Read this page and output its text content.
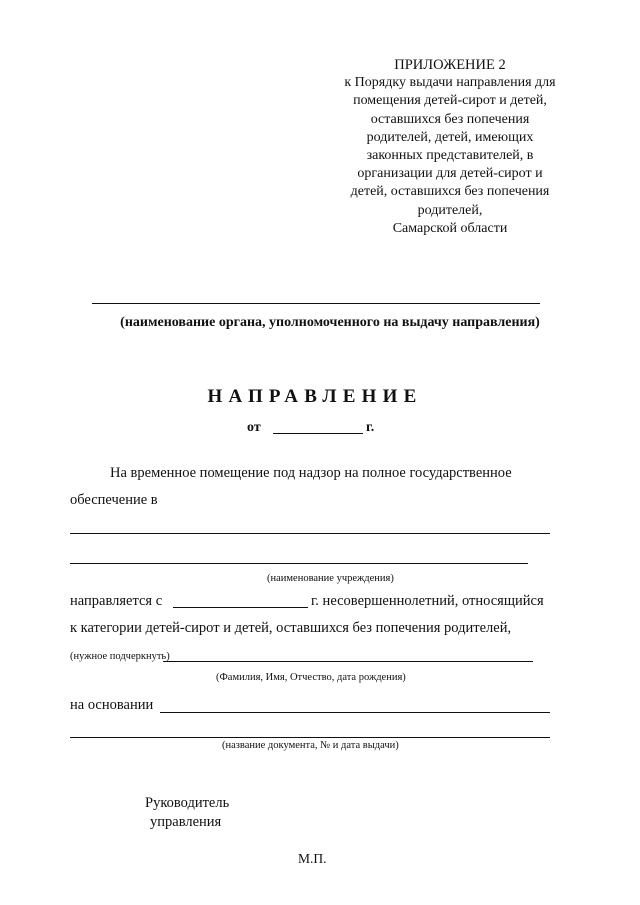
ПРИЛОЖЕНИЕ 2
к Порядку выдачи направления для
помещения детей-сирот и детей,
оставшихся без попечения
родителей, детей, имеющих
законных представителей, в
организации для детей-сирот и
детей, оставшихся без попечения
родителей,
Самарской области
(наименование органа, уполномоченного на выдачу направления)
НАПРАВЛЕНИЕ
от	г.
На временное помещение под надзор на полное государственное
обеспечение в
(наименование учреждения)
направляется с	г. несовершеннолетний, относящийся
к категории детей-сирот и детей, оставшихся без попечения родителей,
(нужное подчеркнуть)
(Фамилия, Имя, Отчество, дата рождения)
на основании
(название документа, № и дата выдачи)
Руководитель
управления
М.П.
